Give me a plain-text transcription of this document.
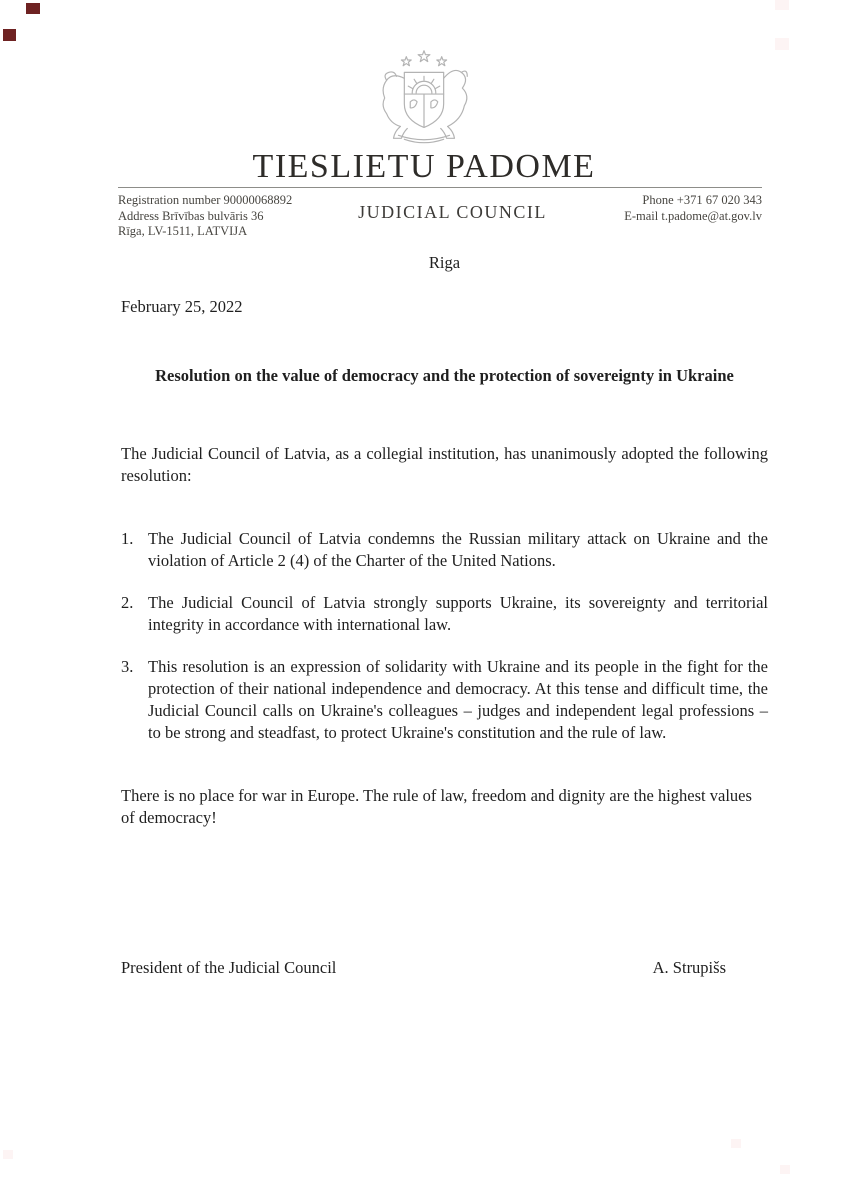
TIESLIETU PADOME
Registration number 90000068892
Address Brīvības bulvāris 36
Rīga, LV-1511, LATVIJA
JUDICIAL COUNCIL
Phone +371 67 020 343
E-mail t.padome@at.gov.lv
Riga
February 25, 2022
Resolution on the value of democracy and the protection of sovereignty in Ukraine
The Judicial Council of Latvia, as a collegial institution, has unanimously adopted the following resolution:
1. The Judicial Council of Latvia condemns the Russian military attack on Ukraine and the violation of Article 2 (4) of the Charter of the United Nations.
2. The Judicial Council of Latvia strongly supports Ukraine, its sovereignty and territorial integrity in accordance with international law.
3. This resolution is an expression of solidarity with Ukraine and its people in the fight for the protection of their national independence and democracy. At this tense and difficult time, the Judicial Council calls on Ukraine's colleagues – judges and independent legal professions – to be strong and steadfast, to protect Ukraine's constitution and the rule of law.
There is no place for war in Europe. The rule of law, freedom and dignity are the highest values of democracy!
President of the Judicial Council	A. Strupišs
